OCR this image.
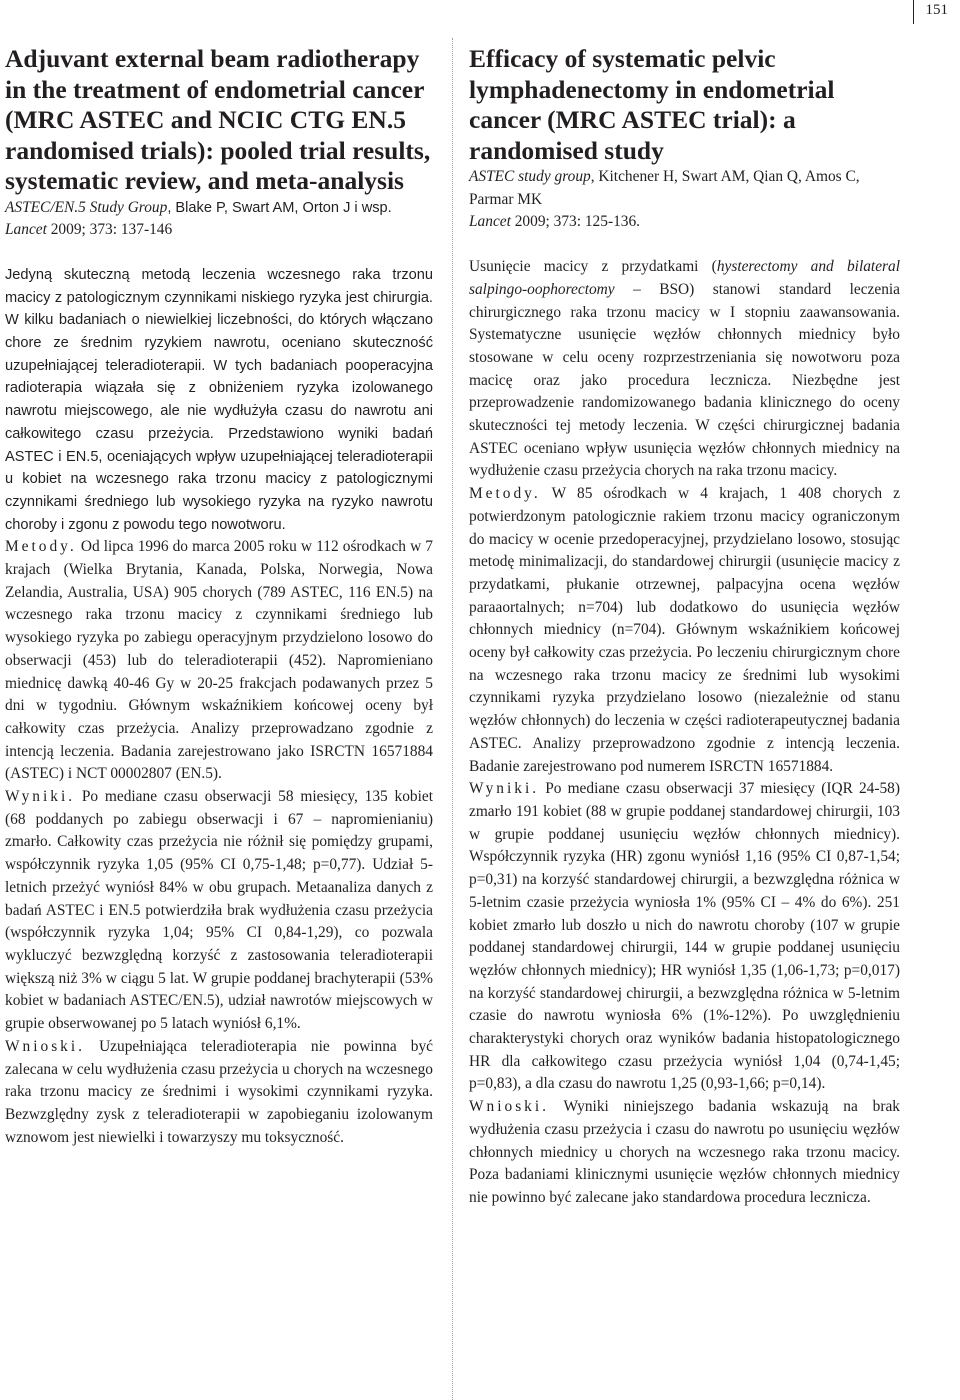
151
Adjuvant external beam radiotherapy in the treatment of endometrial cancer (MRC ASTEC and NCIC CTG EN.5 randomised trials): pooled trial results, systematic review, and meta-analysis
ASTEC/EN.5 Study Group, Blake P, Swart AM, Orton J i wsp.
Lancet 2009; 373: 137-146

Jedyną skuteczną metodą leczenia wczesnego raka trzonu macicy z patologicznym czynnikami niskiego ryzyka jest chirurgia. W kilku badaniach o niewielkiej liczebności, do których włączano chore ze średnim ryzykiem nawrotu, oceniano skuteczność uzupełniającej teleradioterapii. W tych badaniach pooperacyjna radioterapia wiązała się z obniżeniem ryzyka izolowanego nawrotu miejscowego, ale nie wydłużyła czasu do nawrotu ani całkowitego czasu przeżycia. Przedstawiono wyniki badań ASTEC i EN.5, oceniających wpływ uzupełniającej teleradioterapii u kobiet na wczesnego raka trzonu macicy z patologicznymi czynnikami średniego lub wysokiego ryzyka na ryzyko nawrotu choroby i zgonu z powodu tego nowotworu.
Metody. Od lipca 1996 do marca 2005 roku w 112 ośrodkach w 7 krajach (Wielka Brytania, Kanada, Polska, Norwegia, Nowa Zelandia, Australia, USA) 905 chorych (789 ASTEC, 116 EN.5) na wczesnego raka trzonu macicy z czynnikami średniego lub wysokiego ryzyka po zabiegu operacyjnym przydzielono losowo do obserwacji (453) lub do teleradioterapii (452). Napromieniano miednicę dawką 40-46 Gy w 20-25 frakcjach podawanych przez 5 dni w tygodniu. Głównym wskaźnikiem końcowej oceny był całkowity czas przeżycia. Analizy przeprowadzano zgodnie z intencją leczenia. Badania zarejestrowano jako ISRCTN 16571884 (ASTEC) i NCT 00002807 (EN.5).
Wyniki. Po mediane czasu obserwacji 58 miesięcy, 135 kobiet (68 poddanych po zabiegu obserwacji i 67 – napromienianiu) zmarło. Całkowity czas przeżycia nie różnił się pomiędzy grupami, współczynnik ryzyka 1,05 (95% CI 0,75-1,48; p=0,77). Udział 5-letnich przeżyć wyniósł 84% w obu grupach. Metaanaliza danych z badań ASTEC i EN.5 potwierdziła brak wydłużenia czasu przeżycia (współczynnik ryzyka 1,04; 95% CI 0,84-1,29), co pozwala wykluczyć bezwzględną korzyść z zastosowania teleradioterapii większą niż 3% w ciągu 5 lat. W grupie poddanej brachyterapii (53% kobiet w badaniach ASTEC/EN.5), udział nawrotów miejscowych w grupie obserwowanej po 5 latach wyniósł 6,1%.
Wnioski. Uzupełniająca teleradioterapia nie powinna być zalecana w celu wydłużenia czasu przeżycia u chorych na wczesnego raka trzonu macicy ze średnimi i wysokimi czynnikami ryzyka. Bezwzględny zysk z teleradioterapii w zapobieganiu izolowanym wznowom jest niewielki i towarzyszy mu toksyczność.

Efficacy of systematic pelvic lymphadenectomy in endometrial cancer (MRC ASTEC trial): a randomised study
ASTEC study group, Kitchener H, Swart AM, Qian Q, Amos C, Parmar MK
Lancet 2009; 373: 125-136.

Usunięcie macicy z przydatkami (hysterectomy and bilateral salpingo-oophorectomy – BSO) stanowi standard leczenia chirurgicznego raka trzonu macicy w I stopniu zaawansowania. Systematyczne usunięcie węzłów chłonnych miednicy było stosowane w celu oceny rozprzestrzeniania się nowotworu poza macicę oraz jako procedura lecznicza. Niezbędne jest przeprowadzenie randomizowanego badania klinicznego do oceny skuteczności tej metody leczenia. W części chirurgicznej badania ASTEC oceniano wpływ usunięcia węzłów chłonnych miednicy na wydłużenie czasu przeżycia chorych na raka trzonu macicy.
Metody. W 85 ośrodkach w 4 krajach, 1 408 chorych z potwierdzonym patologicznie rakiem trzonu macicy ograniczonym do macicy w ocenie przedoperacyjnej, przydzielano losowo, stosując metodę minimalizacji, do standardowej chirurgii (usunięcie macicy z przydatkami, płukanie otrzewnej, palpacyjna ocena węzłów paraaortalnych; n=704) lub dodatkowo do usunięcia węzłów chłonnych miednicy (n=704). Głównym wskaźnikiem końcowej oceny był całkowity czas przeżycia. Po leczeniu chirurgicznym chore na wczesnego raka trzonu macicy ze średnimi lub wysokimi czynnikami ryzyka przydzielano losowo (niezależnie od stanu węzłów chłonnych) do leczenia w części radioterapeutycznej badania ASTEC. Analizy przeprowadzono zgodnie z intencją leczenia. Badanie zarejestrowano pod numerem ISRCTN 16571884.
Wyniki. Po mediane czasu obserwacji 37 miesięcy (IQR 24-58) zmarło 191 kobiet (88 w grupie poddanej standardowej chirurgii, 103 w grupie poddanej usunięciu węzłów chłonnych miednicy). Współczynnik ryzyka (HR) zgonu wyniósł 1,16 (95% CI 0,87-1,54; p=0,31) na korzyść standardowej chirurgii, a bezwzględna różnica w 5-letnim czasie przeżycia wyniosła 1% (95% CI – 4% do 6%). 251 kobiet zmarło lub doszło u nich do nawrotu choroby (107 w grupie poddanej standardowej chirurgii, 144 w grupie poddanej usunięciu węzłów chłonnych miednicy); HR wyniósł 1,35 (1,06-1,73; p=0,017) na korzyść standardowej chirurgii, a bezwzględna różnica w 5-letnim czasie do nawrotu wyniosła 6% (1%-12%). Po uwzględnieniu charakterystyki chorych oraz wyników badania histopatologicznego HR dla całkowitego czasu przeżycia wyniósł 1,04 (0,74-1,45; p=0,83), a dla czasu do nawrotu 1,25 (0,93-1,66; p=0,14).
Wnioski. Wyniki niniejszego badania wskazują na brak wydłużenia czasu przeżycia i czasu do nawrotu po usunięciu węzłów chłonnych miednicy u chorych na wczesnego raka trzonu macicy. Poza badaniami klinicznymi usunięcie węzłów chłonnych miednicy nie powinno być zalecane jako standardowa procedura lecznicza.
